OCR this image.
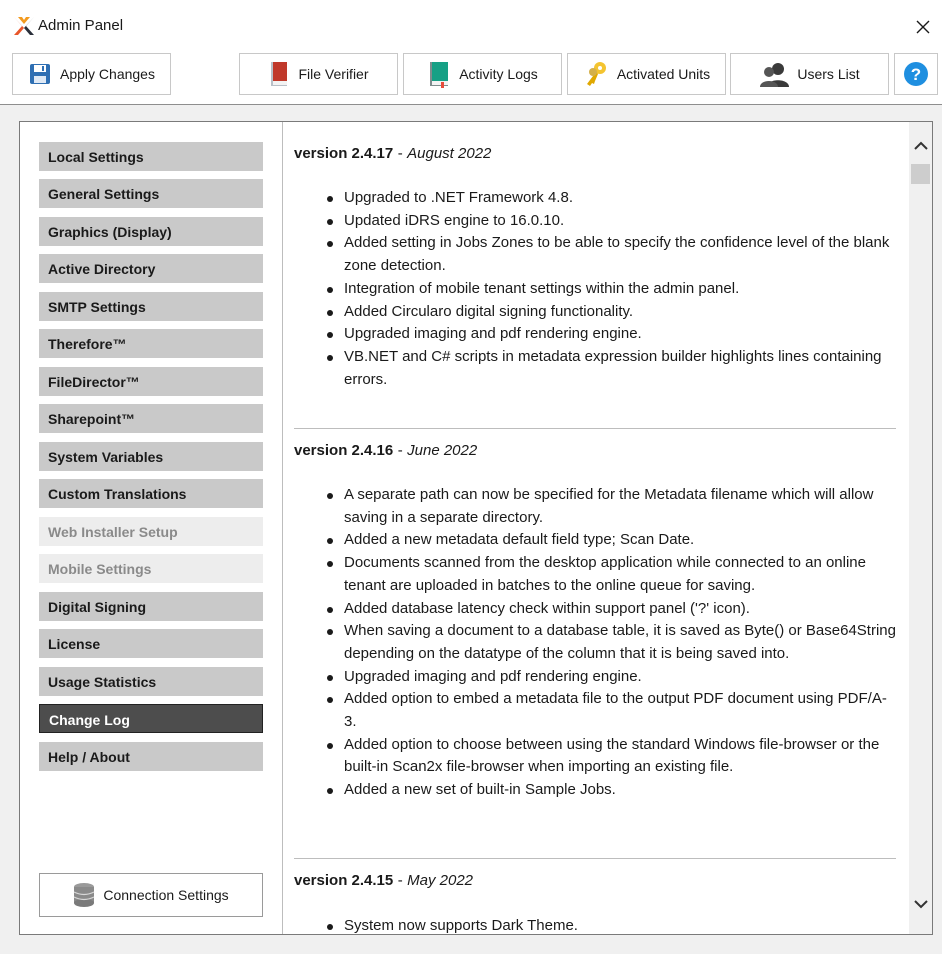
Admin Panel
Apply Changes	File Verifier	Activity Logs	Activated Units	Users List	?
Local Settings
General Settings
Graphics (Display)
Active Directory
SMTP Settings
Therefore™
FileDirector™
Sharepoint™
System Variables
Custom Translations
Web Installer Setup
Mobile Settings
Digital Signing
License
Usage Statistics
Change Log
Help / About
Connection Settings
version 2.4.17 - August 2022
Upgraded to .NET Framework 4.8.
Updated iDRS engine to 16.0.10.
Added setting in Jobs Zones to be able to specify the confidence level of the blank zone detection.
Integration of mobile tenant settings within the admin panel.
Added Circularo digital signing functionality.
Upgraded imaging and pdf rendering engine.
VB.NET and C# scripts in metadata expression builder highlights lines containing errors.
version 2.4.16 - June 2022
A separate path can now be specified for the Metadata filename which will allow saving in a separate directory.
Added a new metadata default field type; Scan Date.
Documents scanned from the desktop application while connected to an online tenant are uploaded in batches to the online queue for saving.
Added database latency check within support panel ('?' icon).
When saving a document to a database table, it is saved as Byte() or Base64String depending on the datatype of the column that it is being saved into.
Upgraded imaging and pdf rendering engine.
Added option to embed a metadata file to the output PDF document using PDF/A-3.
Added option to choose between using the standard Windows file-browser or the built-in Scan2x file-browser when importing an existing file.
Added a new set of built-in Sample Jobs.
version 2.4.15 - May 2022
System now supports Dark Theme.
